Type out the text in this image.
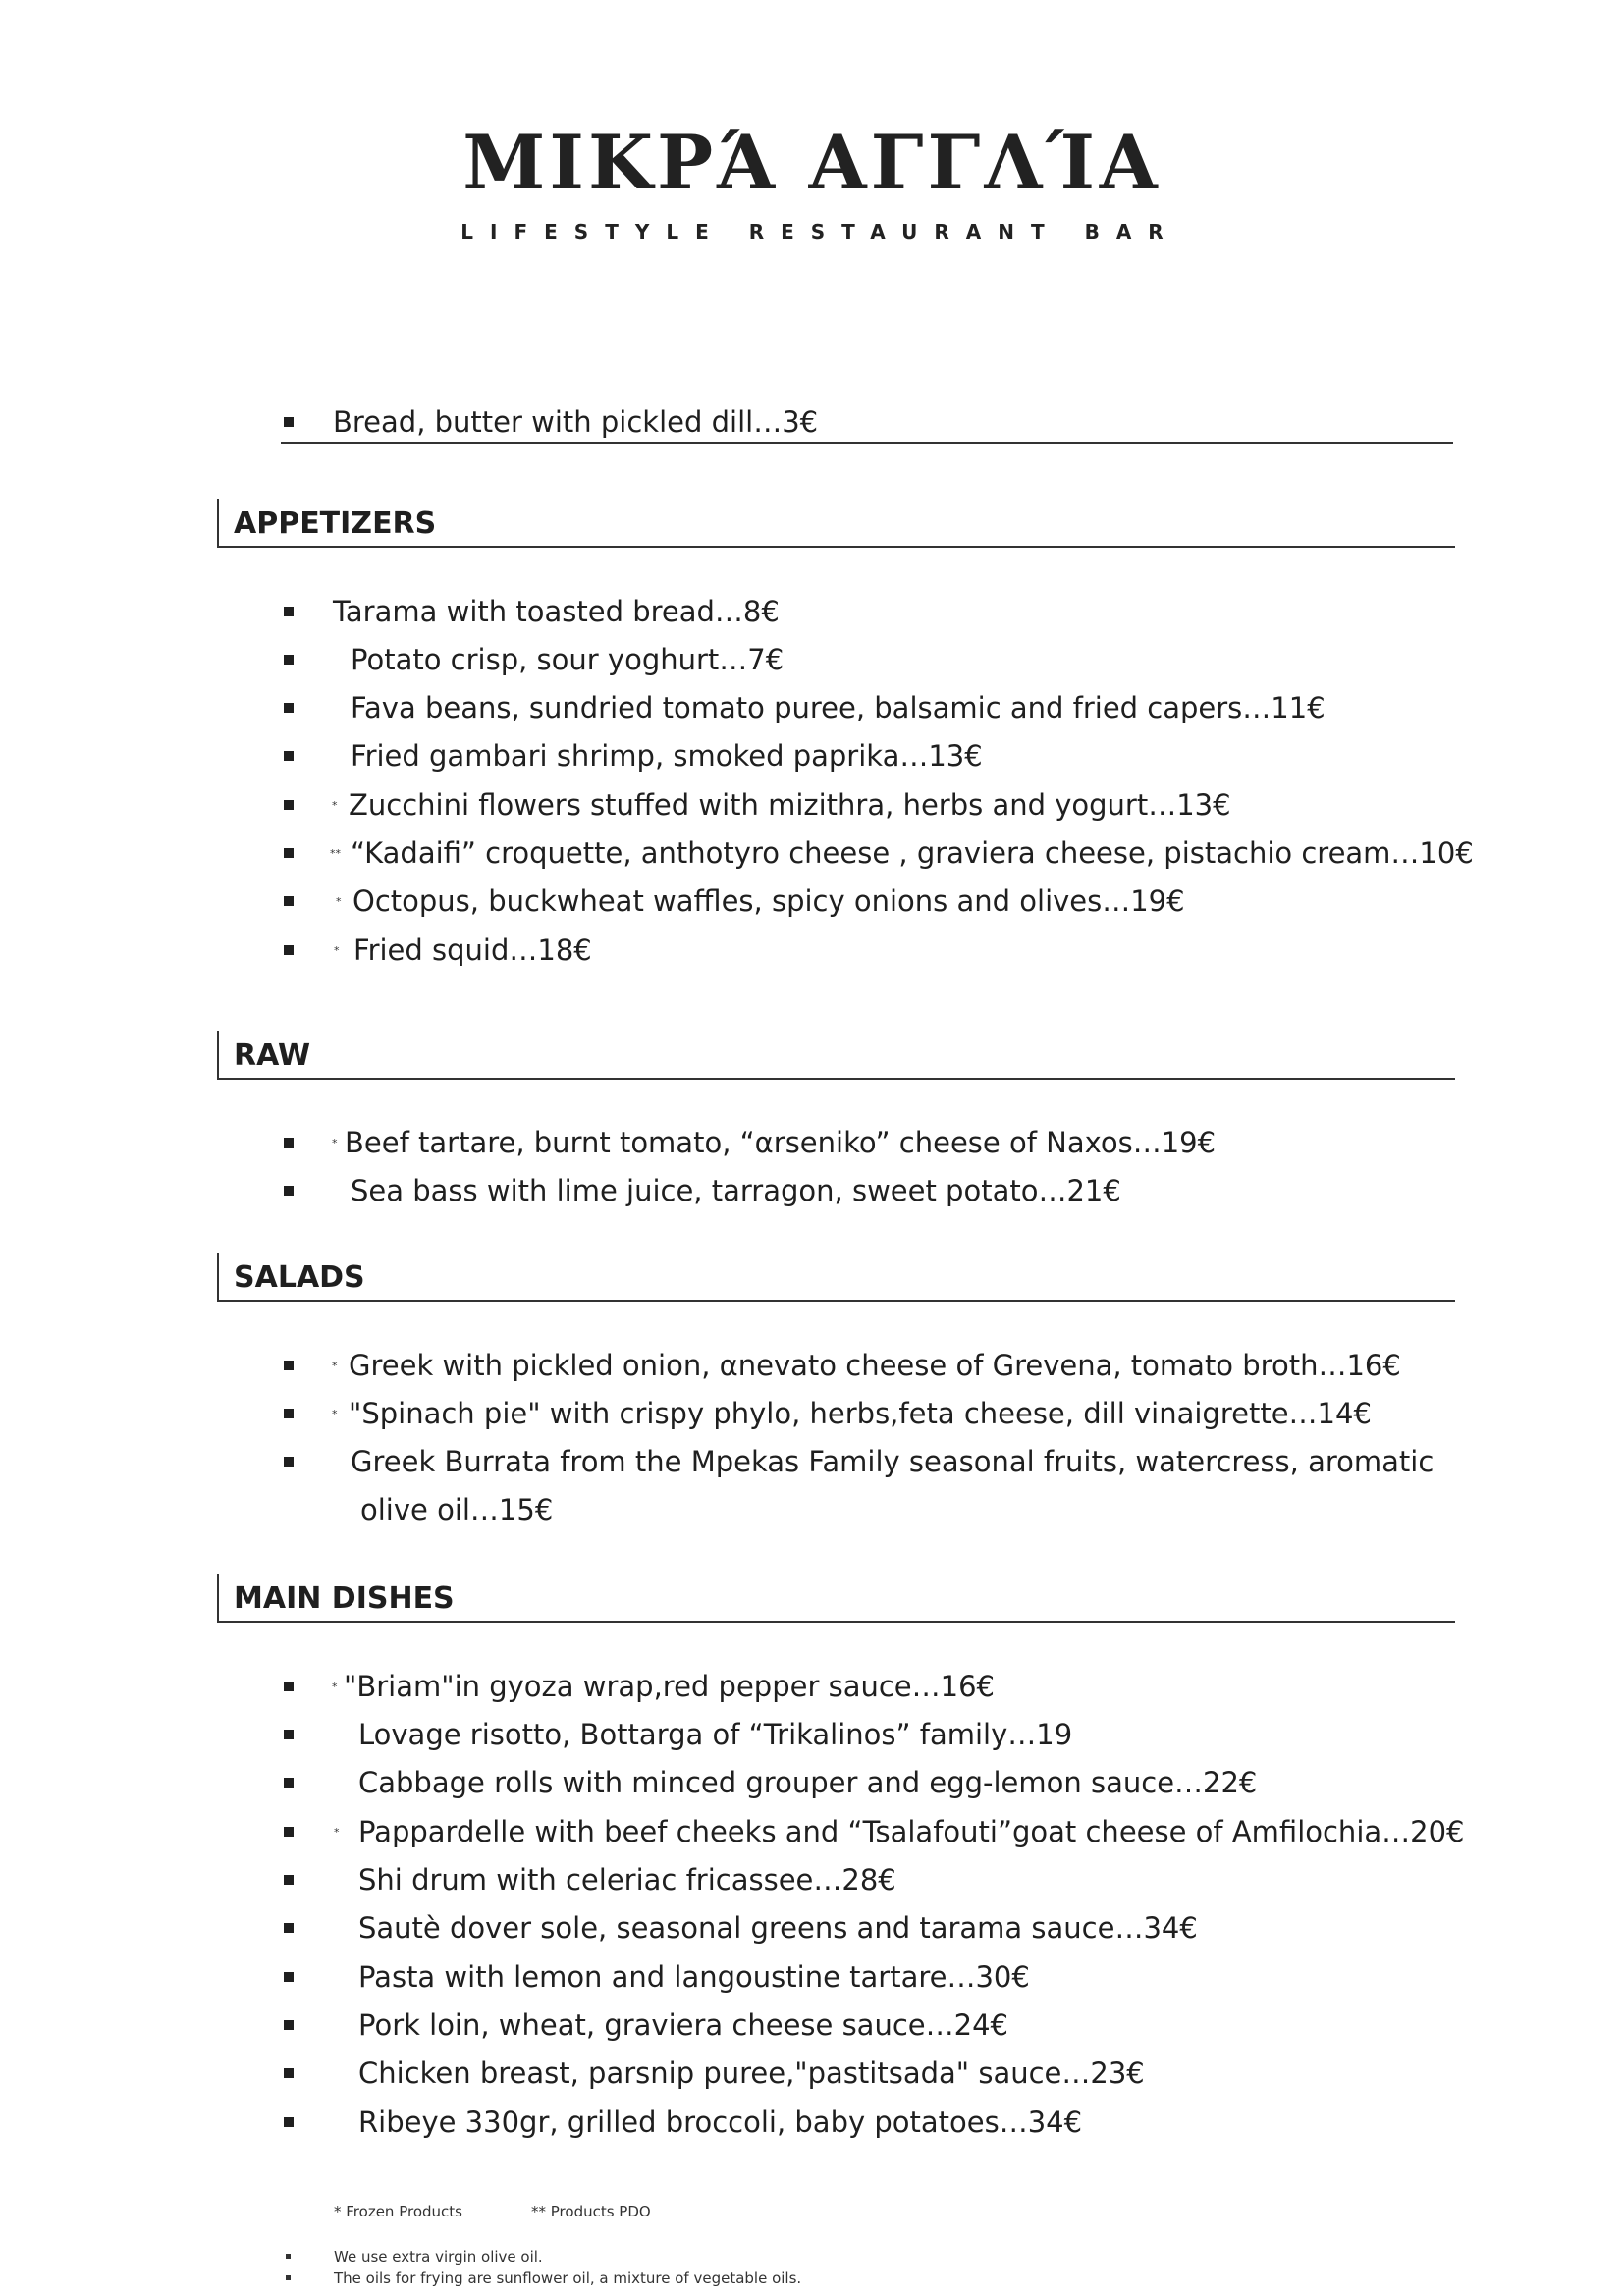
ΜΙΚΡΆ ΑΓΓΛΊΑ
LIFESTYLE RESTAURANT BAR
Bread, butter with pickled dill…3€
APPETIZERS
Tarama with toasted bread…8€
Potato crisp, sour yoghurt…7€
Fava beans, sundried tomato puree, balsamic and fried capers…11€
Fried gambari shrimp, smoked paprika…13€
* Zucchini flowers stuffed with mizithra, herbs and yogurt…13€
** “Kadaifi” croquette, anthotyro cheese , graviera cheese, pistachio cream…10€
* Octopus, buckwheat waffles, spicy onions and olives…19€
* Fried squid…18€
RAW
* Beef tartare, burnt tomato, “αrseniko” cheese of Naxos…19€
Sea bass with lime juice, tarragon, sweet potato…21€
SALADS
* Greek with pickled onion, αnevato cheese of Grevena, tomato broth…16€
* "Spinach pie" with crispy phylo, herbs,feta cheese, dill vinaigrette…14€
Greek Burrata from the Mpekas Family seasonal fruits, watercress, aromatic
olive oil…15€
MAIN DISHES
* "Briam"in gyoza wrap,red pepper sauce…16€
Lovage risotto, Bottarga of “Trikalinos” family…19
Cabbage rolls with minced grouper and egg-lemon sauce…22€
* Pappardelle with beef cheeks and “Tsalafouti”goat cheese of Amfilochia…20€
Shi drum with celeriac fricassee…28€
Sautè dover sole, seasonal greens and tarama sauce…34€
Pasta with lemon and langoustine tartare…30€
Pork loin, wheat, graviera cheese sauce…24€
Chicken breast, parsnip puree,"pastitsada" sauce…23€
Ribeye 330gr, grilled broccoli, baby potatoes…34€
* Frozen Products	** Products PDO
We use extra virgin olive oil.
The oils for frying are sunflower oil, a mixture of vegetable oils.
